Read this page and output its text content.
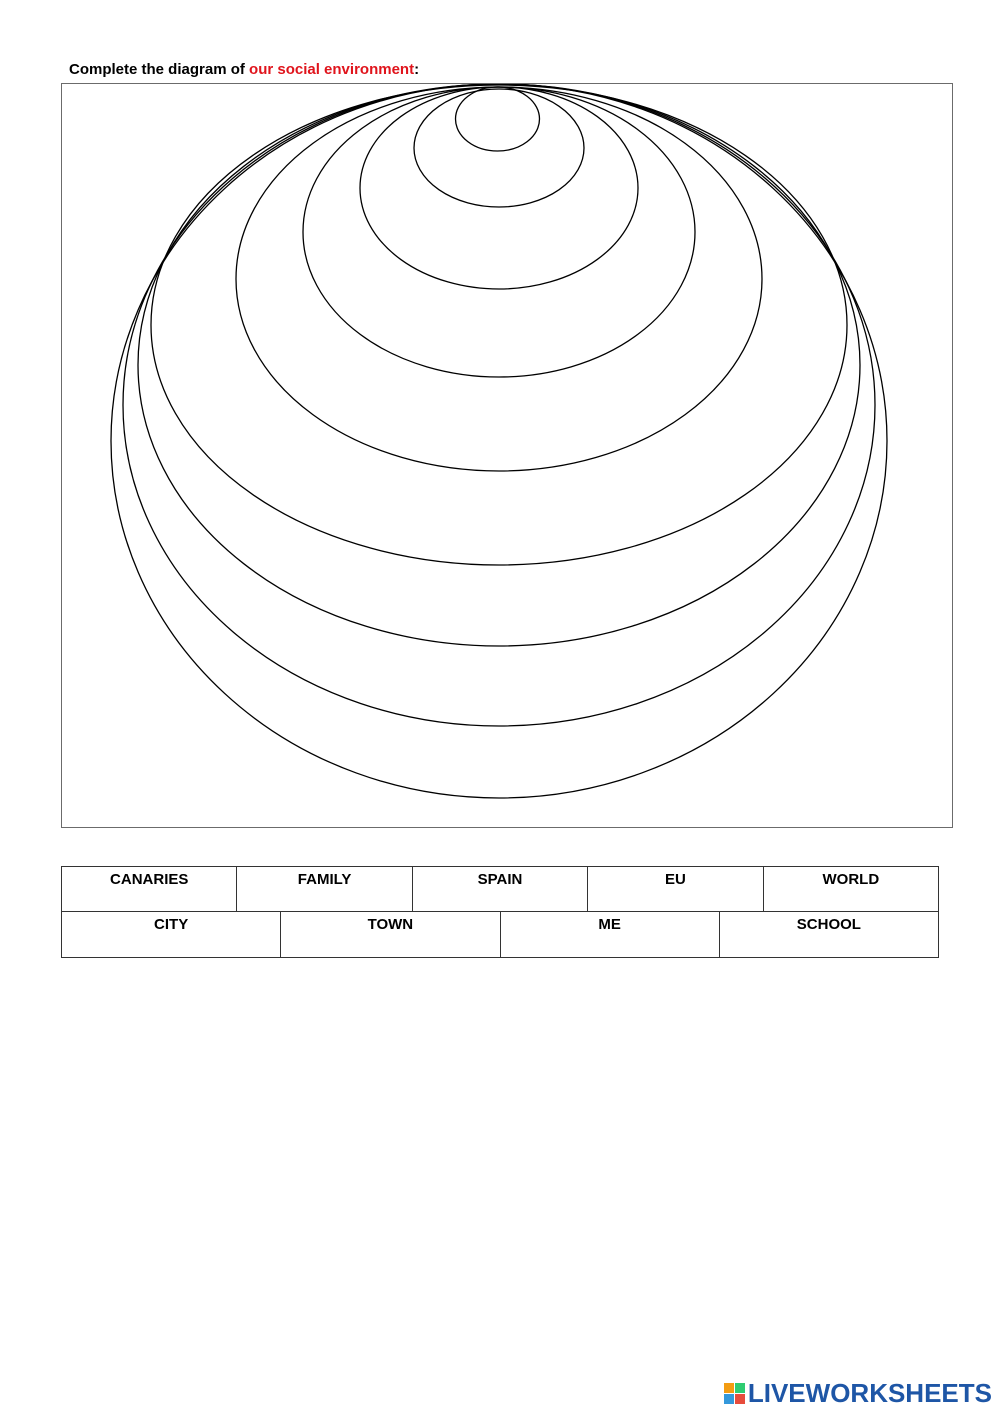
Complete the diagram of our social environment:
CANARIES	FAMILY	SPAIN	EU	WORLD
CITY	TOWN	ME	SCHOOL
LIVEWORKSHEETS
